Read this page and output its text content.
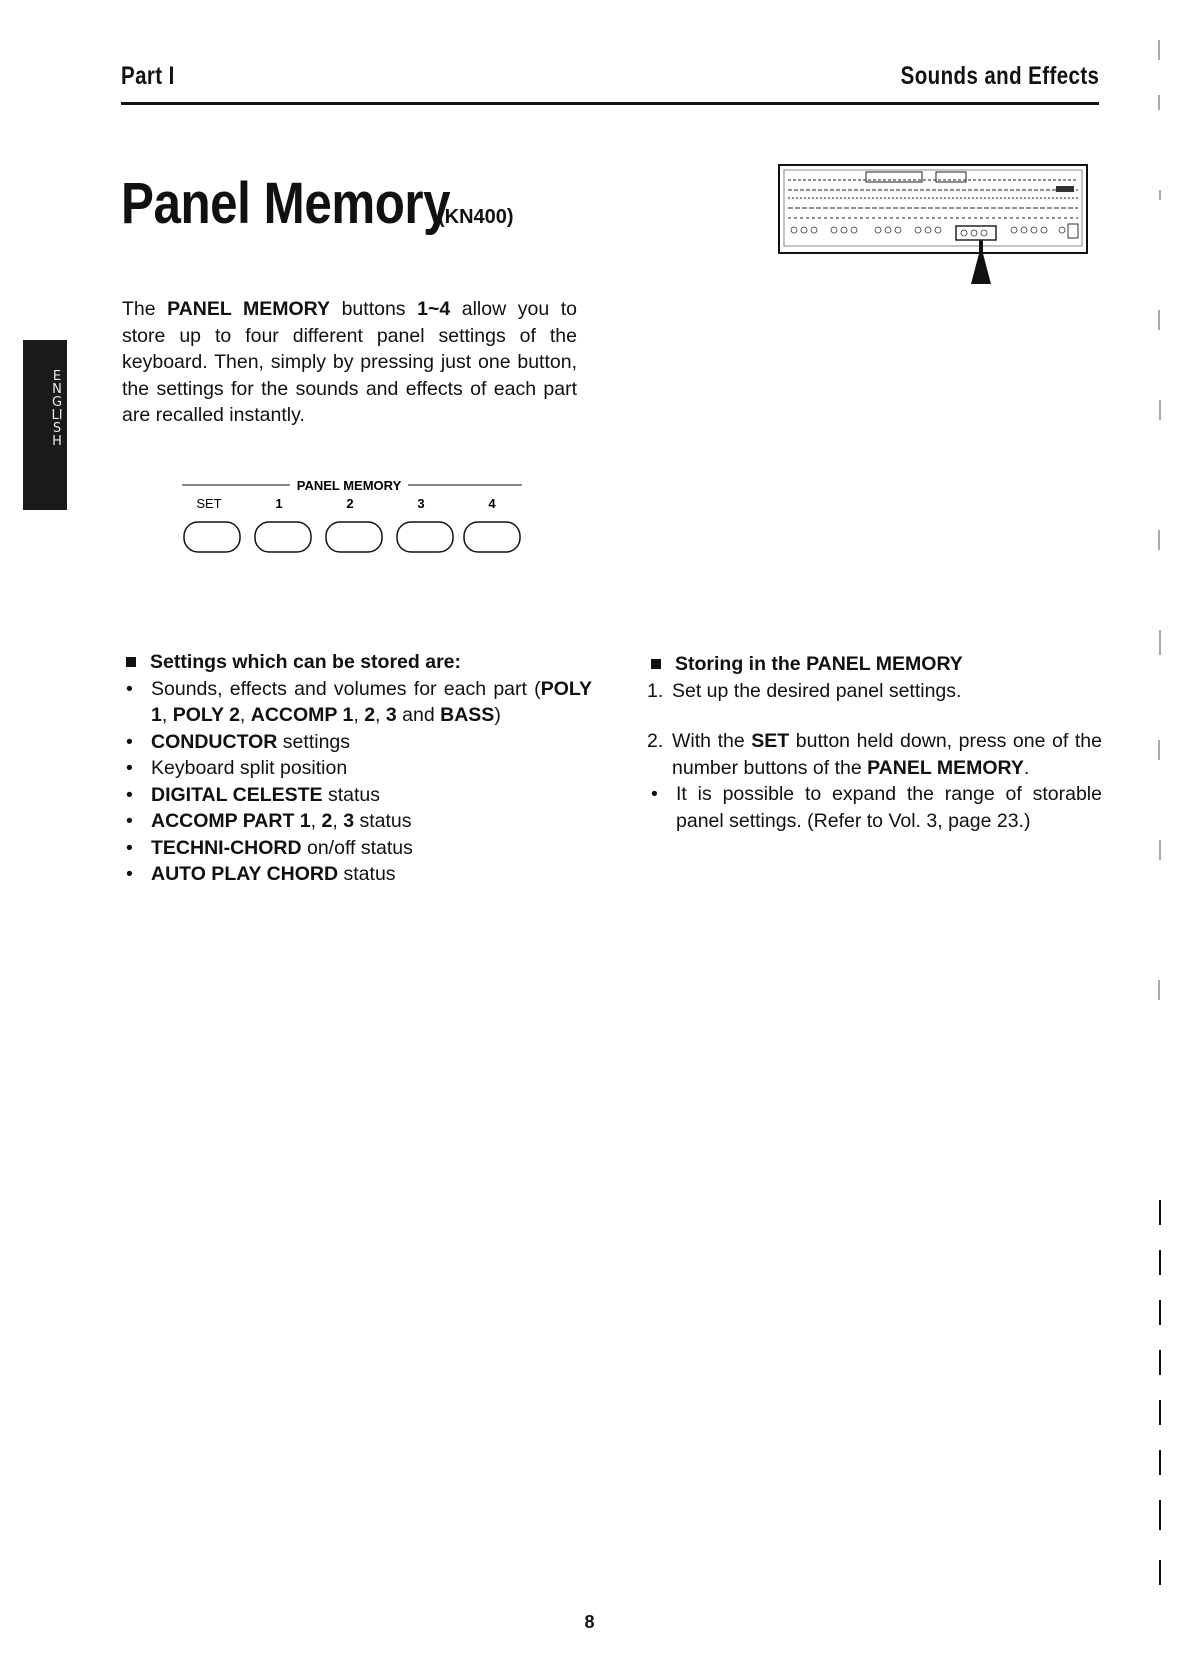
Part I	Sounds and Effects
Panel Memory
(KN400)
ENGLISH
The PANEL MEMORY buttons 1~4 allow you to store up to four different panel settings of the keyboard. Then, simply by pressing just one button, the settings for the sounds and effects of each part are recalled instantly.
PANEL MEMORY
SET	1	2	3	4
Settings which can be stored are:
• Sounds, effects and volumes for each part (POLY 1, POLY 2, ACCOMP 1, 2, 3 and BASS)
• CONDUCTOR settings
• Keyboard split position
• DIGITAL CELESTE status
• ACCOMP PART 1, 2, 3 status
• TECHNI-CHORD on/off status
• AUTO PLAY CHORD status
Storing in the PANEL MEMORY
1. Set up the desired panel settings.
2. With the SET button held down, press one of the number buttons of the PANEL MEMORY.
• It is possible to expand the range of storable panel settings. (Refer to Vol. 3, page 23.)
8
